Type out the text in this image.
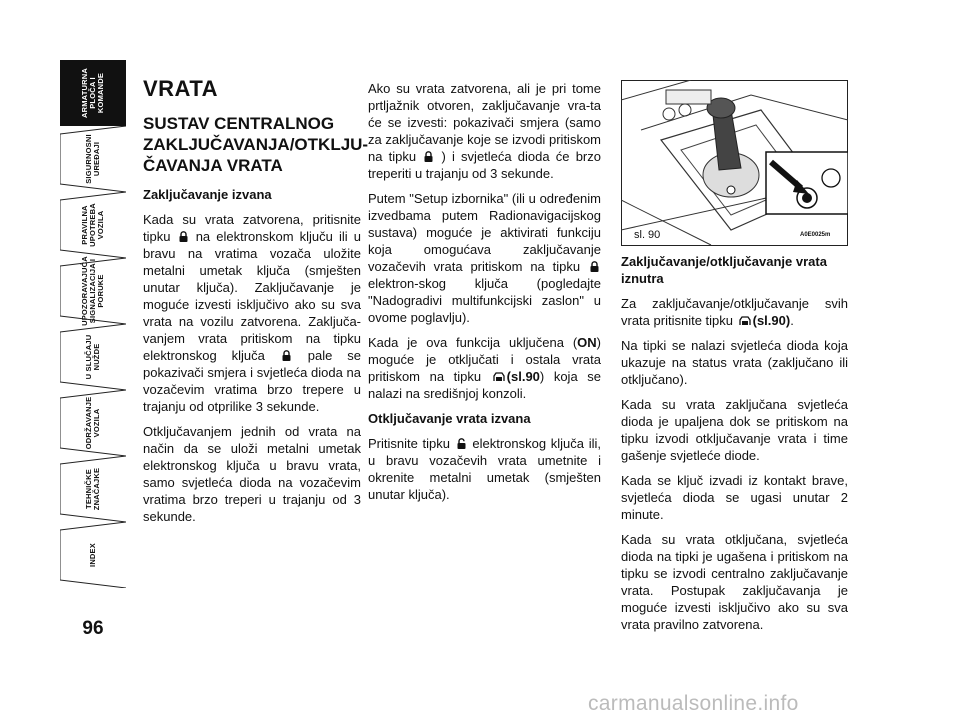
ARMATURNA
PLOČA I
KOMANDE
SIGURNOSNI
UREĐAJI
PRAVILNA
UPOTREBA
VOZILA
UPOZORAVAJUĆA
SIGNALIZACIJA I
PORUKE
U SLUČAJU
NUŽDE
ODRŽAVANJE
VOZILA
TEHNIČKE
ZNAČAJKE
INDEX
96
VRATA
SUSTAV CENTRALNOG ZAKLJUČAVANJA/OTKLJU-ČAVANJA VRATA
Zaključavanje izvana

Kada su vrata zatvorena, pritisnite tipku na elektronskom ključu ili u bravu na vratima vozača uložite metalni umetak ključa (smješten unutar ključa). Zaključavanje je moguće izvesti isključivo ako su sva vrata na vozilu zatvorena. Zaključa-vanjem vrata pritiskom na tipku elektronskog ključa	pale se pokazivači smjera i svjetleća dioda na vozačevim vratima brzo trepere u trajanju od otprilike 3 sekunde.

Otključavanjem jednih od vrata na način da se uloži metalni umetak elektronskog ključa u bravu vrata, samo svjetleća dioda na vozačevim vratima brzo treperi u trajanju od 3 sekunde.

Ako su vrata zatvorena, ali je pri tome prtljažnik otvoren, zaključavanje vra-ta će se izvesti: pokazivači smjera (samo za zaključavanje koje se izvodi pritiskom na tipku ) i svjetleća dioda će brzo treperiti u trajanju od 3 sekunde.

Putem "Setup izbornika" (ili u određenim izvedbama putem Radionavigacijskog sustava) moguće je aktivirati funkciju koja omogućava zaključavanje vozačevih vrata pritiskom na tipku  elektron-skog ključa (pogledajte "Nadogradivi multifunkcijski zaslon" u ovome poglavlju).

Kada je ova funkcija uključena (ON) moguće je otključati i ostala vrata pritiskom na tipku (sl.90) koja se nalazi na središnjoj konzoli.

Otključavanje vrata izvana

Pritisnite tipku elektronskog ključa ili, u bravu vozačevih vrata umetnite i okrenite metalni umetak (smješten unutar ključa).

sl. 90	A0E0025m
Zaključavanje/otključavanje vrata iznutra

Za zaključavanje/otključavanje svih vrata pritisnite tipku (sl.90).

Na tipki se nalazi svjetleća dioda koja ukazuje na status vrata (zaključano ili otključano).

Kada su vrata zaključana svjetleća dioda je upaljena dok se pritiskom na tipku izvodi otključavanje vrata i time gašenje svjetleće diode.

Kada se ključ izvadi iz kontakt brave, svjetleća dioda se ugasi unutar 2 minute.

Kada su vrata otključana, svjetleća dioda na tipki je ugašena i pritiskom na tipku se izvodi centralno zaključavanje vrata. Postupak zaključavanja je moguće izvesti isključivo ako su sva vrata pravilno zatvorena.

carmanualsonline.info
